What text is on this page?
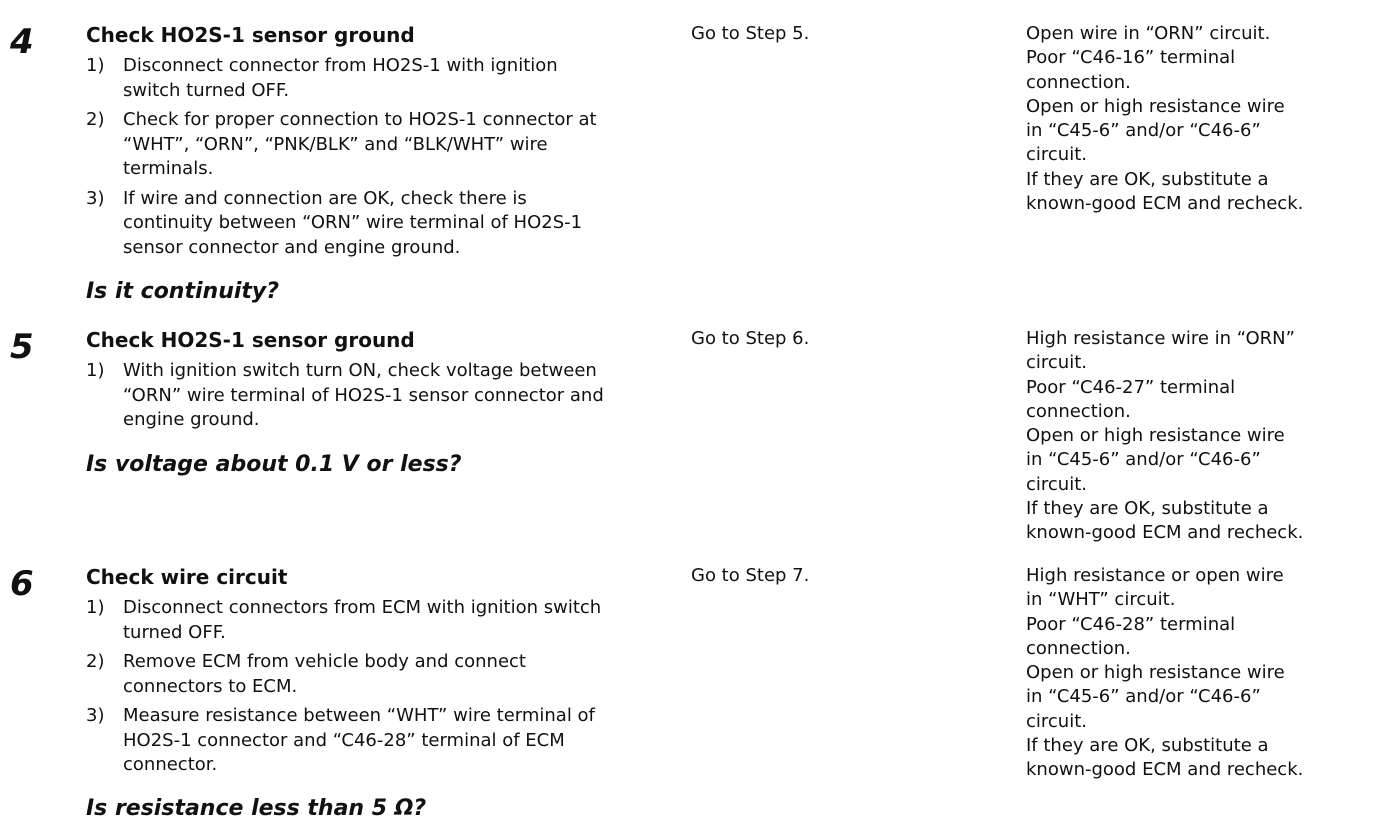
4	Check HO2S-1 sensor ground
1) Disconnect connector from HO2S-1 with ignition
switch turned OFF.
2) Check for proper connection to HO2S-1 connector at
“WHT”, “ORN”, “PNK/BLK” and “BLK/WHT” wire
terminals.
3) If wire and connection are OK, check there is
continuity between “ORN” wire terminal of HO2S-1
sensor connector and engine ground.
Is it continuity?
Go to Step 5.	Open wire in “ORN” circuit.
Poor “C46-16” terminal
connection.
Open or high resistance wire
in “C45-6” and/or “C46-6”
circuit.
If they are OK, substitute a
known-good ECM and recheck.
5	Check HO2S-1 sensor ground
1) With ignition switch turn ON, check voltage between
“ORN” wire terminal of HO2S-1 sensor connector and
engine ground.
Is voltage about 0.1 V or less?
Go to Step 6.	High resistance wire in “ORN”
circuit.
Poor “C46-27” terminal
connection.
Open or high resistance wire
in “C45-6” and/or “C46-6”
circuit.
If they are OK, substitute a
known-good ECM and recheck.
6	Check wire circuit
1) Disconnect connectors from ECM with ignition switch
turned OFF.
2) Remove ECM from vehicle body and connect
connectors to ECM.
3) Measure resistance between “WHT” wire terminal of
HO2S-1 connector and “C46-28” terminal of ECM
connector.
Is resistance less than 5 Ω?
Go to Step 7.	High resistance or open wire
in “WHT” circuit.
Poor “C46-28” terminal
connection.
Open or high resistance wire
in “C45-6” and/or “C46-6”
circuit.
If they are OK, substitute a
known-good ECM and recheck.
